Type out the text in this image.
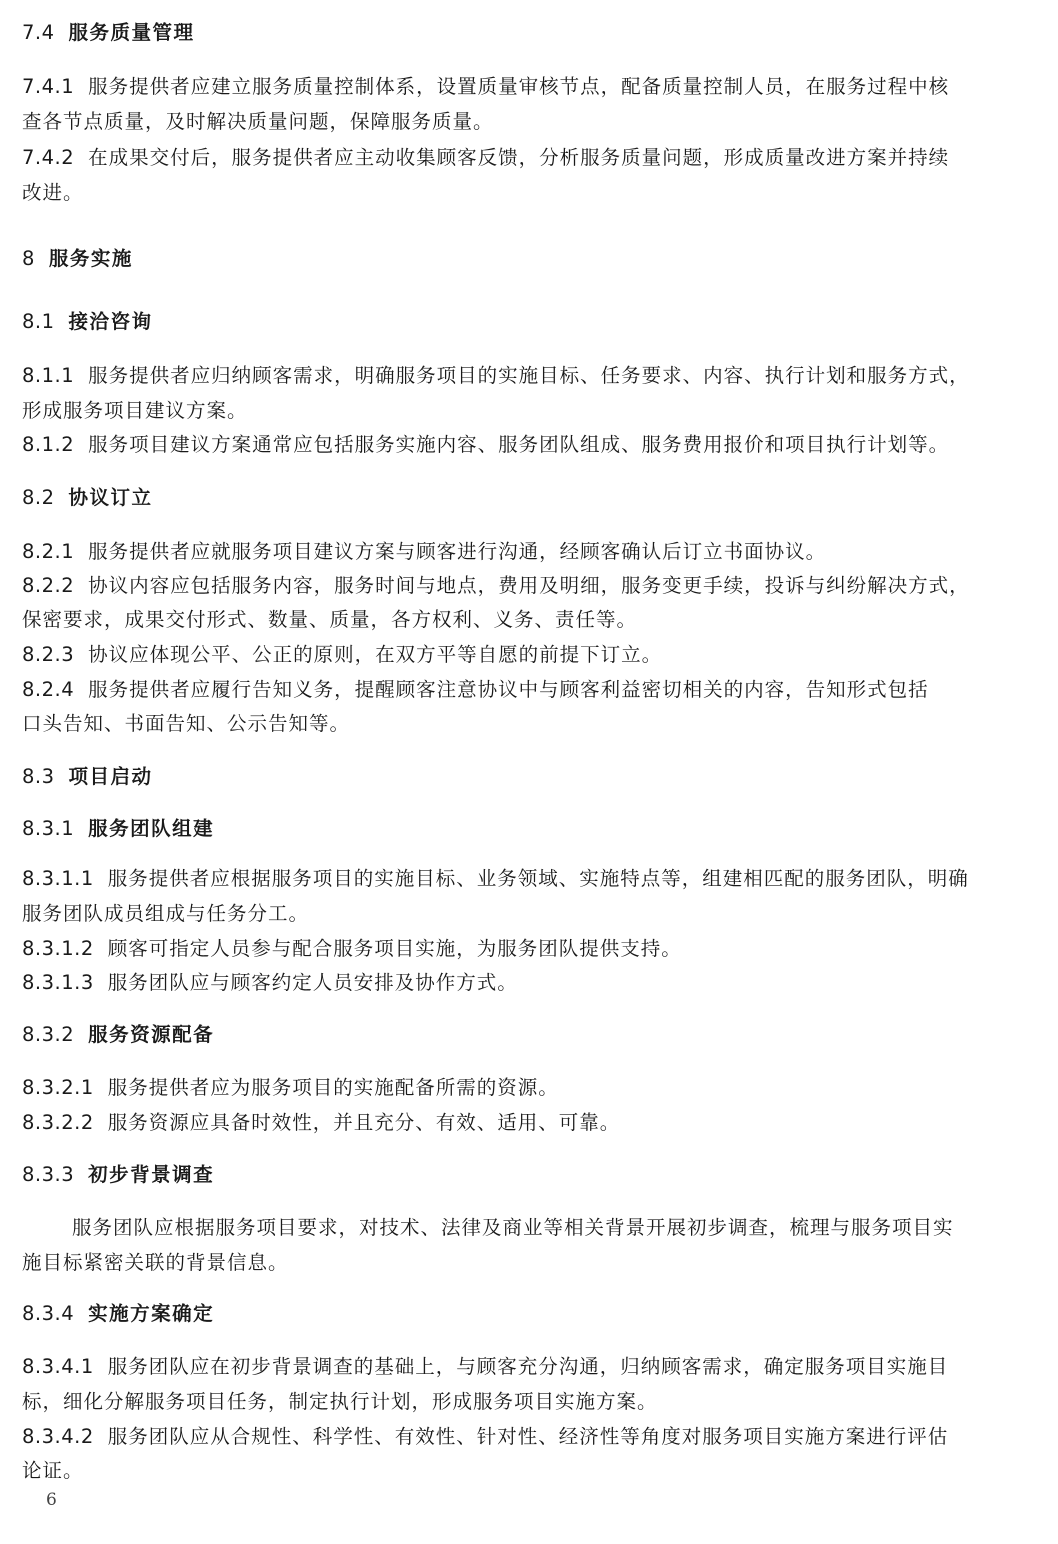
7.4 服务质量管理
7.4.1 服务提供者应建立服务质量控制体系，设置质量审核节点，配备质量控制人员，在服务过程中核
查各节点质量，及时解决质量问题，保障服务质量。
7.4.2 在成果交付后，服务提供者应主动收集顾客反馈，分析服务质量问题，形成质量改进方案并持续
改进。
8 服务实施
8.1 接洽咨询
8.1.1 服务提供者应归纳顾客需求，明确服务项目的实施目标、任务要求、内容、执行计划和服务方式，
形成服务项目建议方案。
8.1.2 服务项目建议方案通常应包括服务实施内容、服务团队组成、服务费用报价和项目执行计划等。
8.2 协议订立
8.2.1 服务提供者应就服务项目建议方案与顾客进行沟通，经顾客确认后订立书面协议。
8.2.2 协议内容应包括服务内容，服务时间与地点，费用及明细，服务变更手续，投诉与纠纷解决方式，
保密要求，成果交付形式、数量、质量，各方权利、义务、责任等。
8.2.3 协议应体现公平、公正的原则，在双方平等自愿的前提下订立。
8.2.4 服务提供者应履行告知义务，提醒顾客注意协议中与顾客利益密切相关的内容，告知形式包括
口头告知、书面告知、公示告知等。
8.3 项目启动
8.3.1 服务团队组建
8.3.1.1 服务提供者应根据服务项目的实施目标、业务领域、实施特点等，组建相匹配的服务团队，明确
服务团队成员组成与任务分工。
8.3.1.2 顾客可指定人员参与配合服务项目实施，为服务团队提供支持。
8.3.1.3 服务团队应与顾客约定人员安排及协作方式。
8.3.2 服务资源配备
8.3.2.1 服务提供者应为服务项目的实施配备所需的资源。
8.3.2.2 服务资源应具备时效性，并且充分、有效、适用、可靠。
8.3.3 初步背景调查
服务团队应根据服务项目要求，对技术、法律及商业等相关背景开展初步调查，梳理与服务项目实
施目标紧密关联的背景信息。
8.3.4 实施方案确定
8.3.4.1 服务团队应在初步背景调查的基础上，与顾客充分沟通，归纳顾客需求，确定服务项目实施目
标，细化分解服务项目任务，制定执行计划，形成服务项目实施方案。
8.3.4.2 服务团队应从合规性、科学性、有效性、针对性、经济性等角度对服务项目实施方案进行评估
论证。
6
